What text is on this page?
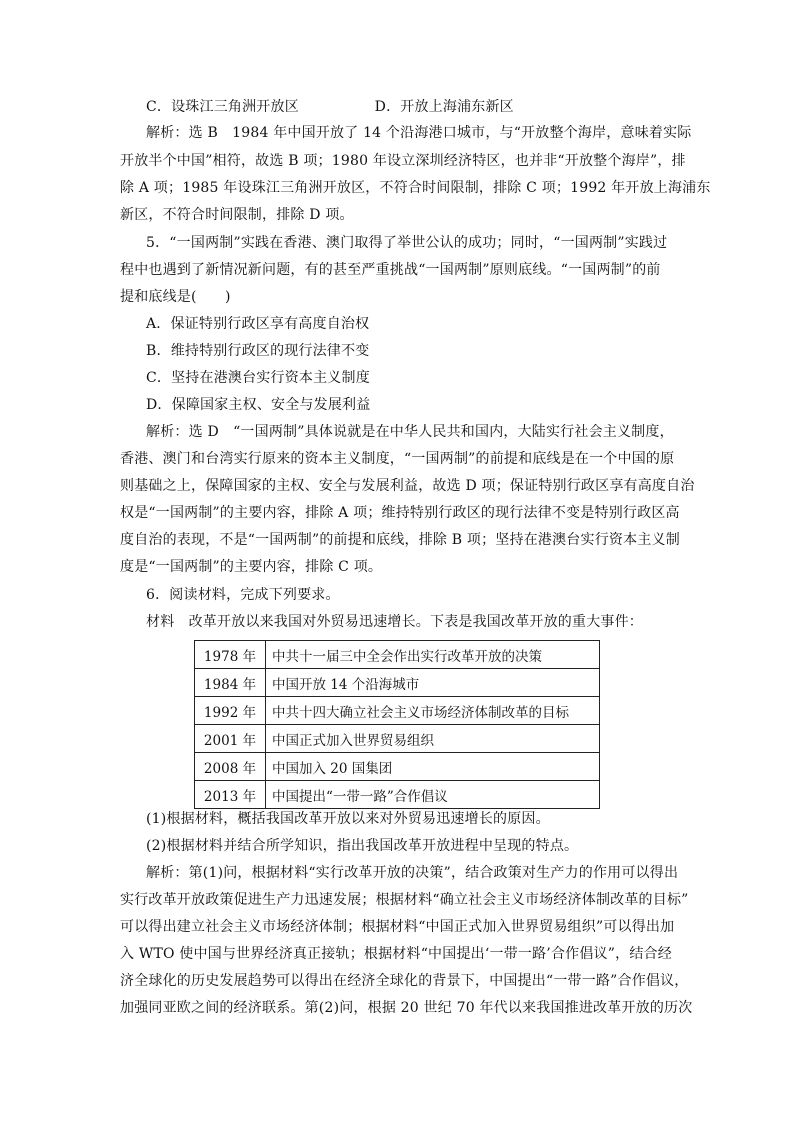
C．设珠江三角洲开放区	D．开放上海浦东新区
解析：选 B　1984 年中国开放了 14 个沿海港口城市，与“开放整个海岸，意味着实际
开放半个中国”相符，故选 B 项；1980 年设立深圳经济特区，也并非“开放整个海岸”，排
除 A 项；1985 年设珠江三角洲开放区，不符合时间限制，排除 C 项；1992 年开放上海浦东
新区，不符合时间限制，排除 D 项。
5．“一国两制”实践在香港、澳门取得了举世公认的成功；同时，“一国两制”实践过
程中也遇到了新情况新问题，有的甚至严重挑战“一国两制”原则底线。“一国两制”的前
提和底线是(　　)
A．保证特别行政区享有高度自治权
B．维持特别行政区的现行法律不变
C．坚持在港澳台实行资本主义制度
D．保障国家主权、安全与发展利益
解析：选 D　“一国两制”具体说就是在中华人民共和国内，大陆实行社会主义制度，
香港、澳门和台湾实行原来的资本主义制度，“一国两制”的前提和底线是在一个中国的原
则基础之上，保障国家的主权、安全与发展利益，故选 D 项；保证特别行政区享有高度自治
权是“一国两制”的主要内容，排除 A 项；维持特别行政区的现行法律不变是特别行政区高
度自治的表现，不是“一国两制”的前提和底线，排除 B 项；坚持在港澳台实行资本主义制
度是“一国两制”的主要内容，排除 C 项。
6．阅读材料，完成下列要求。
材料　改革开放以来我国对外贸易迅速增长。下表是我国改革开放的重大事件：
1978 年	中共十一届三中全会作出实行改革开放的决策
1984 年	中国开放 14 个沿海城市
1992 年	中共十四大确立社会主义市场经济体制改革的目标
2001 年	中国正式加入世界贸易组织
2008 年	中国加入 20 国集团
2013 年	中国提出“一带一路”合作倡议
(1)根据材料，概括我国改革开放以来对外贸易迅速增长的原因。
(2)根据材料并结合所学知识，指出我国改革开放进程中呈现的特点。
解析：第(1)问，根据材料“实行改革开放的决策”，结合政策对生产力的作用可以得出
实行改革开放政策促进生产力迅速发展；根据材料“确立社会主义市场经济体制改革的目标”
可以得出建立社会主义市场经济体制；根据材料“中国正式加入世界贸易组织”可以得出加
入 WTO 使中国与世界经济真正接轨；根据材料“中国提出‘一带一路’合作倡议”，结合经
济全球化的历史发展趋势可以得出在经济全球化的背景下，中国提出“一带一路”合作倡议，
加强同亚欧之间的经济联系。第(2)问，根据 20 世纪 70 年代以来我国推进改革开放的历次
